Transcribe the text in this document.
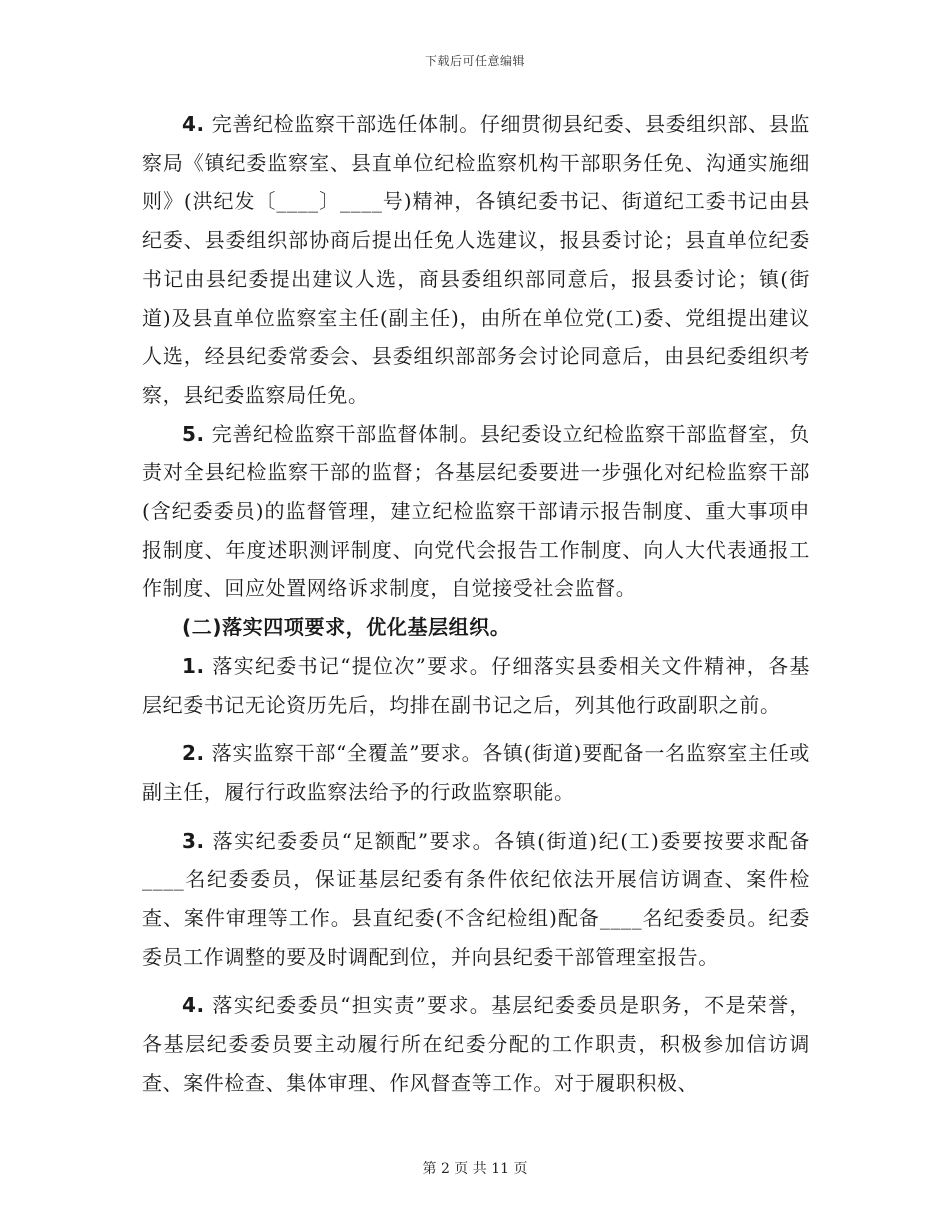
下载后可任意编辑

4. 完善纪检监察干部选任体制。仔细贯彻县纪委、县委组织部、县监察局《镇纪委监察室、县直单位纪检监察机构干部职务任免、沟通实施细则》(洪纪发〔____〕____号)精神，各镇纪委书记、街道纪工委书记由县纪委、县委组织部协商后提出任免人选建议，报县委讨论；县直单位纪委书记由县纪委提出建议人选，商县委组织部同意后，报县委讨论；镇(街道)及县直单位监察室主任(副主任)，由所在单位党(工)委、党组提出建议人选，经县纪委常委会、县委组织部部务会讨论同意后，由县纪委组织考察，县纪委监察局任免。

5. 完善纪检监察干部监督体制。县纪委设立纪检监察干部监督室，负责对全县纪检监察干部的监督；各基层纪委要进一步强化对纪检监察干部(含纪委委员)的监督管理，建立纪检监察干部请示报告制度、重大事项申报制度、年度述职测评制度、向党代会报告工作制度、向人大代表通报工作制度、回应处置网络诉求制度，自觉接受社会监督。

(二)落实四项要求，优化基层组织。

1. 落实纪委书记“提位次”要求。仔细落实县委相关文件精神，各基层纪委书记无论资历先后，均排在副书记之后，列其他行政副职之前。

2. 落实监察干部“全覆盖”要求。各镇(街道)要配备一名监察室主任或副主任，履行行政监察法给予的行政监察职能。

3. 落实纪委委员“足额配”要求。各镇(街道)纪(工)委要按要求配备____名纪委委员，保证基层纪委有条件依纪依法开展信访调查、案件检查、案件审理等工作。县直纪委(不含纪检组)配备____名纪委委员。纪委委员工作调整的要及时调配到位，并向县纪委干部管理室报告。

4. 落实纪委委员“担实责”要求。基层纪委委员是职务，不是荣誉，各基层纪委委员要主动履行所在纪委分配的工作职责，积极参加信访调查、案件检查、集体审理、作风督查等工作。对于履职积极、

第 2 页 共 11 页
